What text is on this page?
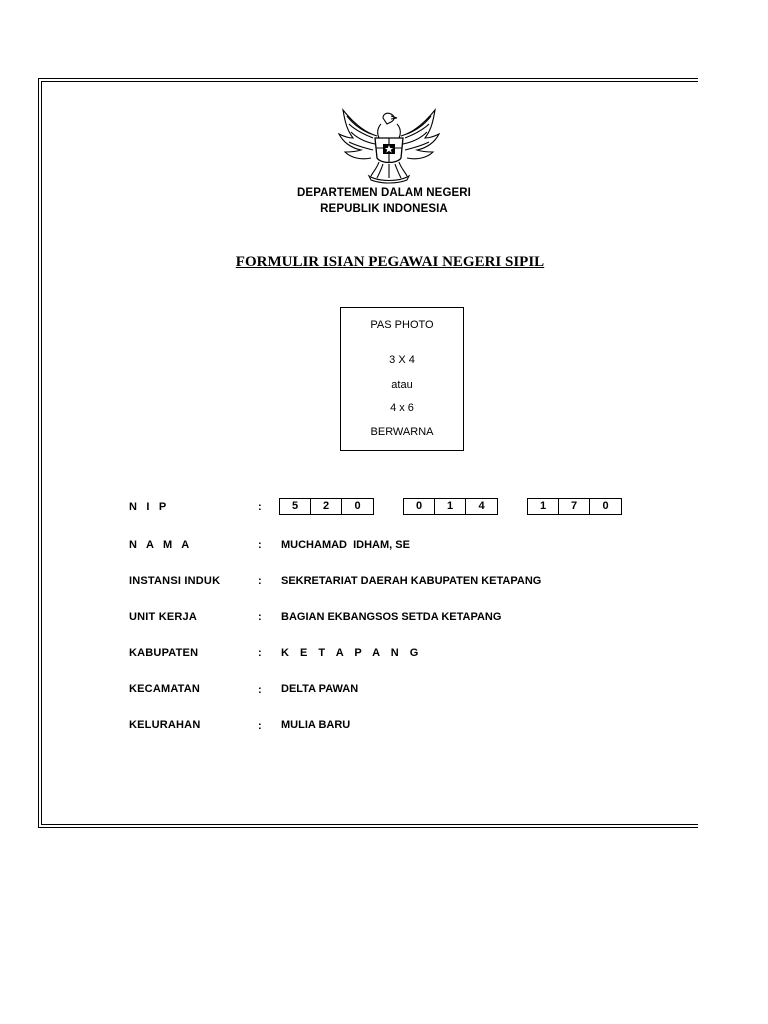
DEPARTEMEN DALAM NEGERI
REPUBLIK INDONESIA
FORMULIR ISIAN PEGAWAI NEGERI SIPIL
PAS PHOTO
3 X 4
atau
4 x 6
BERWARNA
N I P	:	5	2	0	0	1	4	1	7	0
N A M A	: MUCHAMAD  IDHAM, SE
INSTANSI INDUK	: SEKRETARIAT DAERAH KABUPATEN KETAPANG
UNIT KERJA	: BAGIAN EKBANGSOS SETDA KETAPANG
KABUPATEN	: K E T A P A N G
KECAMATAN	: DELTA PAWAN
KELURAHAN	: MULIA BARU
